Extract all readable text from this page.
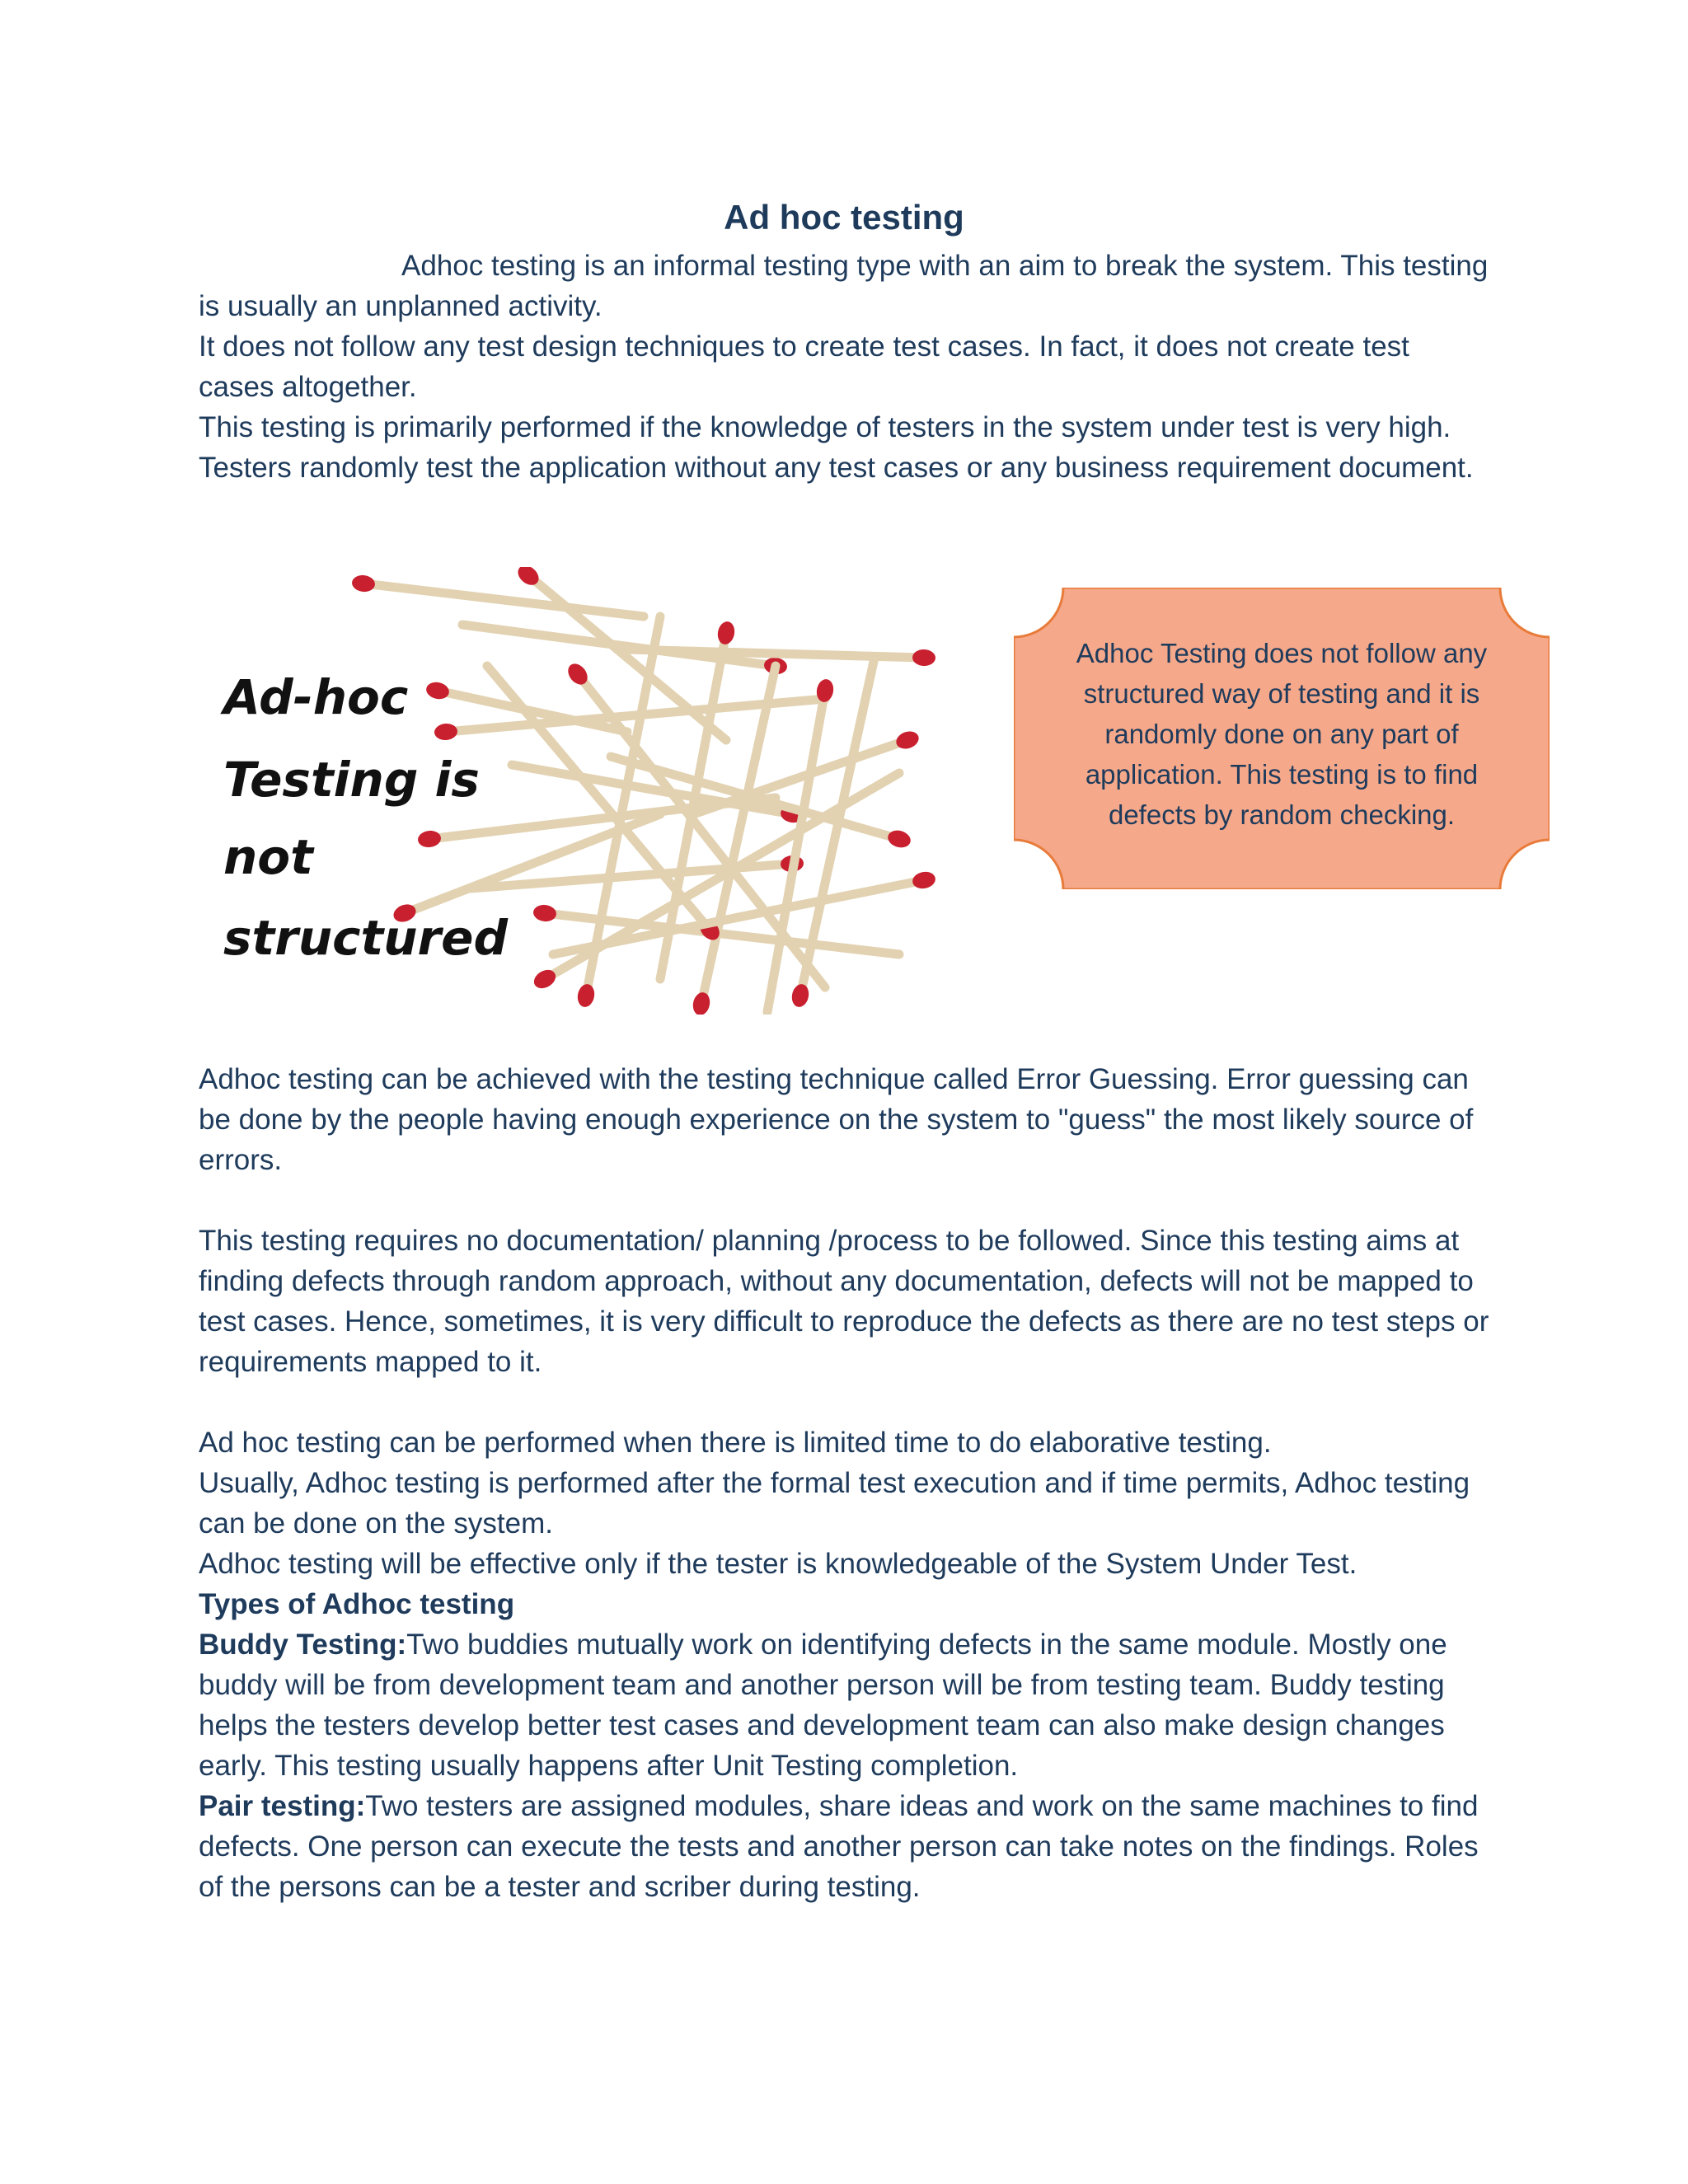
Ad hoc testing

Adhoc testing is an informal testing type with an aim to break the system. This testing is usually an unplanned activity.

It does not follow any test design techniques to create test cases. In fact, it does not create test cases altogether.

This testing is primarily performed if the knowledge of testers in the system under test is very high.

Testers randomly test the application without any test cases or any business requirement document.

Ad-hoc
Testing is
not
structured
Adhoc Testing does not follow any structured way of testing and it is randomly done on any part of application. This testing is to find defects by random checking.

Adhoc testing can be achieved with the testing technique called Error Guessing. Error guessing can be done by the people having enough experience on the system to "guess" the most likely source of errors.

This testing requires no documentation/ planning /process to be followed. Since this testing aims at finding defects through random approach, without any documentation, defects will not be mapped to test cases. Hence, sometimes, it is very difficult to reproduce the defects as there are no test steps or requirements mapped to it.

Ad hoc testing can be performed when there is limited time to do elaborative testing.

Usually, Adhoc testing is performed after the formal test execution and if time permits, Adhoc testing can be done on the system.

Adhoc testing will be effective only if the tester is knowledgeable of the System Under Test.

Types of Adhoc testing

Buddy Testing:Two buddies mutually work on identifying defects in the same module. Mostly one buddy will be from development team and another person will be from testing team. Buddy testing helps the testers develop better test cases and development team can also make design changes early. This testing usually happens after Unit Testing completion.

Pair testing:Two testers are assigned modules, share ideas and work on the same machines to find defects. One person can execute the tests and another person can take notes on the findings. Roles of the persons can be a tester and scriber during testing.
